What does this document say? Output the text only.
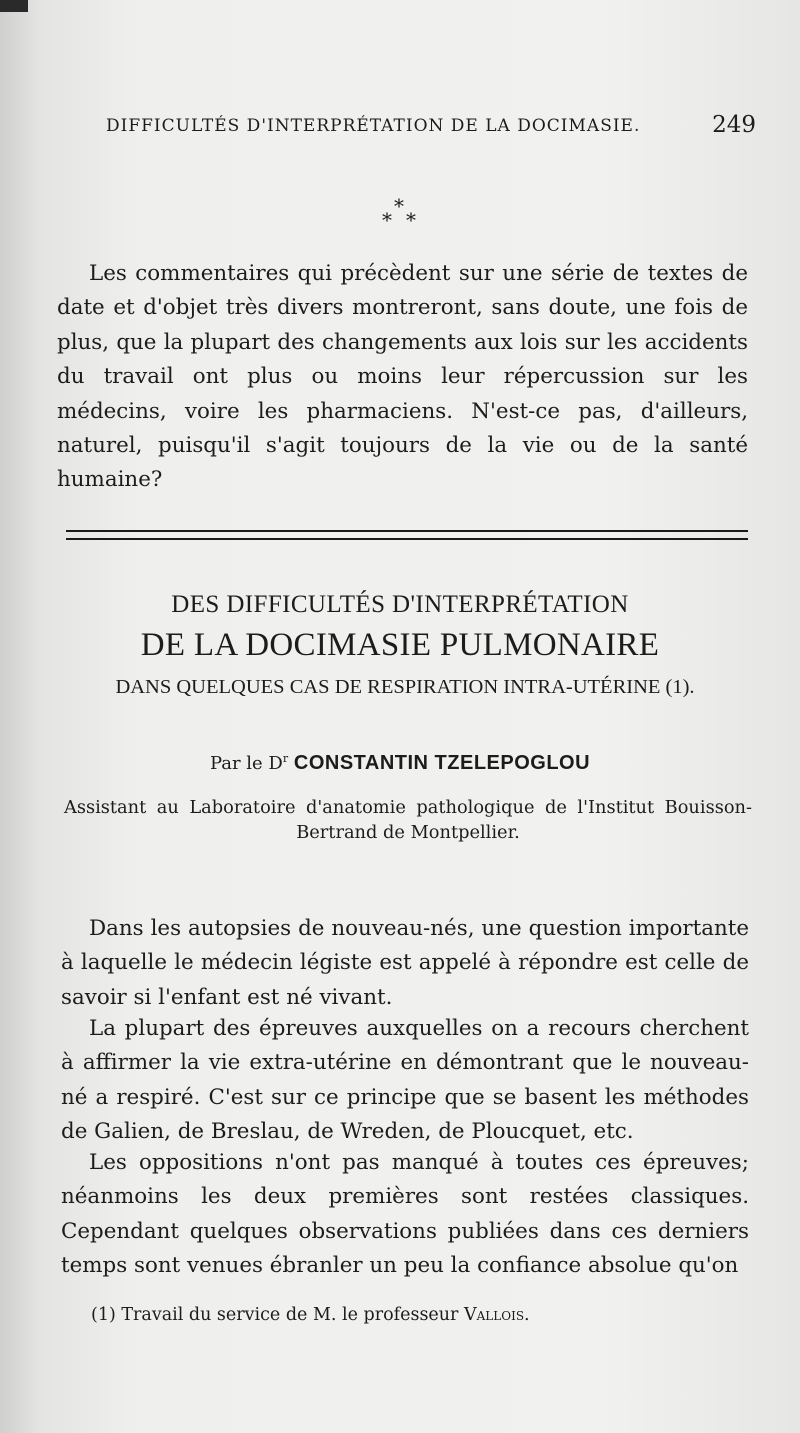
DIFFICULTÉS D'INTERPRÉTATION DE LA DOCIMASIE.	249
*
* *

Les commentaires qui précèdent sur une série de textes de date et d'objet très divers montreront, sans doute, une fois de plus, que la plupart des changements aux lois sur les accidents du travail ont plus ou moins leur répercussion sur les médecins, voire les pharmaciens. N'est-ce pas, d'ailleurs, naturel, puisqu'il s'agit toujours de la vie ou de la santé humaine?

DES DIFFICULTÉS D'INTERPRÉTATION
DE LA DOCIMASIE PULMONAIRE
DANS QUELQUES CAS DE RESPIRATION INTRA-UTÉRINE (1).
Par le $D^r$ CONSTANTIN TZELEPOGLOU
Assistant au Laboratoire d'anatomie pathologique de l'Institut Bouisson-Bertrand de Montpellier.

Dans les autopsies de nouveau-nés, une question importante à laquelle le médecin légiste est appelé à répondre est celle de savoir si l'enfant est né vivant.

La plupart des épreuves auxquelles on a recours cherchent à affirmer la vie extra-utérine en démontrant que le nouveau-né a respiré. C'est sur ce principe que se basent les méthodes de Galien, de Breslau, de Wreden, de Ploucquet, etc.

Les oppositions n'ont pas manqué à toutes ces épreuves; néanmoins les deux premières sont restées classiques. Cependant quelques observations publiées dans ces derniers temps sont venues ébranler un peu la confiance absolue qu'on

(1) Travail du service de M. le professeur Vallois.
